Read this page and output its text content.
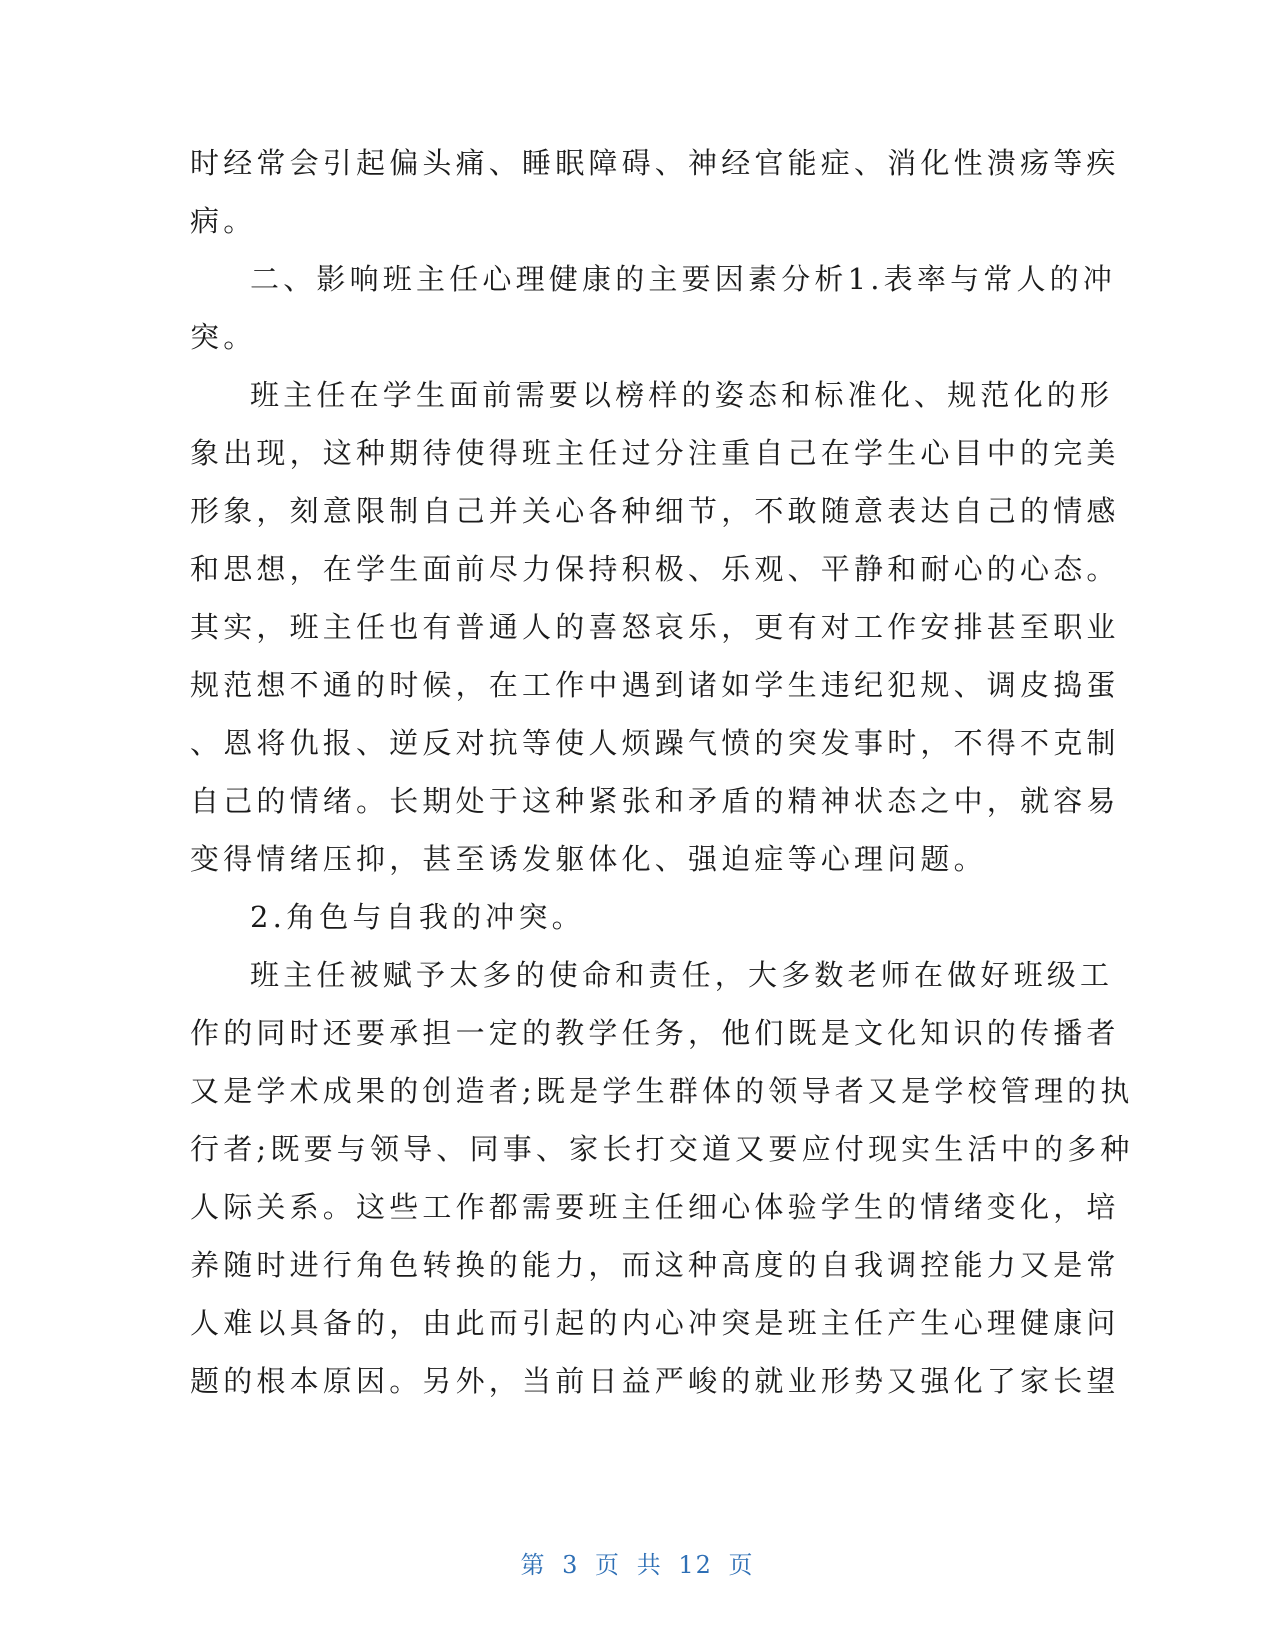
时经常会引起偏头痛、睡眠障碍、神经官能症、消化性溃疡等疾
病。
二、影响班主任心理健康的主要因素分析1.表率与常人的冲
突。
班主任在学生面前需要以榜样的姿态和标准化、规范化的形
象出现，这种期待使得班主任过分注重自己在学生心目中的完美
形象，刻意限制自己并关心各种细节，不敢随意表达自己的情感
和思想，在学生面前尽力保持积极、乐观、平静和耐心的心态。
其实，班主任也有普通人的喜怒哀乐，更有对工作安排甚至职业
规范想不通的时候，在工作中遇到诸如学生违纪犯规、调皮捣蛋
、恩将仇报、逆反对抗等使人烦躁气愤的突发事时，不得不克制
自己的情绪。长期处于这种紧张和矛盾的精神状态之中，就容易
变得情绪压抑，甚至诱发躯体化、强迫症等心理问题。
2.角色与自我的冲突。
班主任被赋予太多的使命和责任，大多数老师在做好班级工
作的同时还要承担一定的教学任务，他们既是文化知识的传播者
又是学术成果的创造者;既是学生群体的领导者又是学校管理的执
行者;既要与领导、同事、家长打交道又要应付现实生活中的多种
人际关系。这些工作都需要班主任细心体验学生的情绪变化，培
养随时进行角色转换的能力，而这种高度的自我调控能力又是常
人难以具备的，由此而引起的内心冲突是班主任产生心理健康问
题的根本原因。另外，当前日益严峻的就业形势又强化了家长望
第 3 页 共 12 页
